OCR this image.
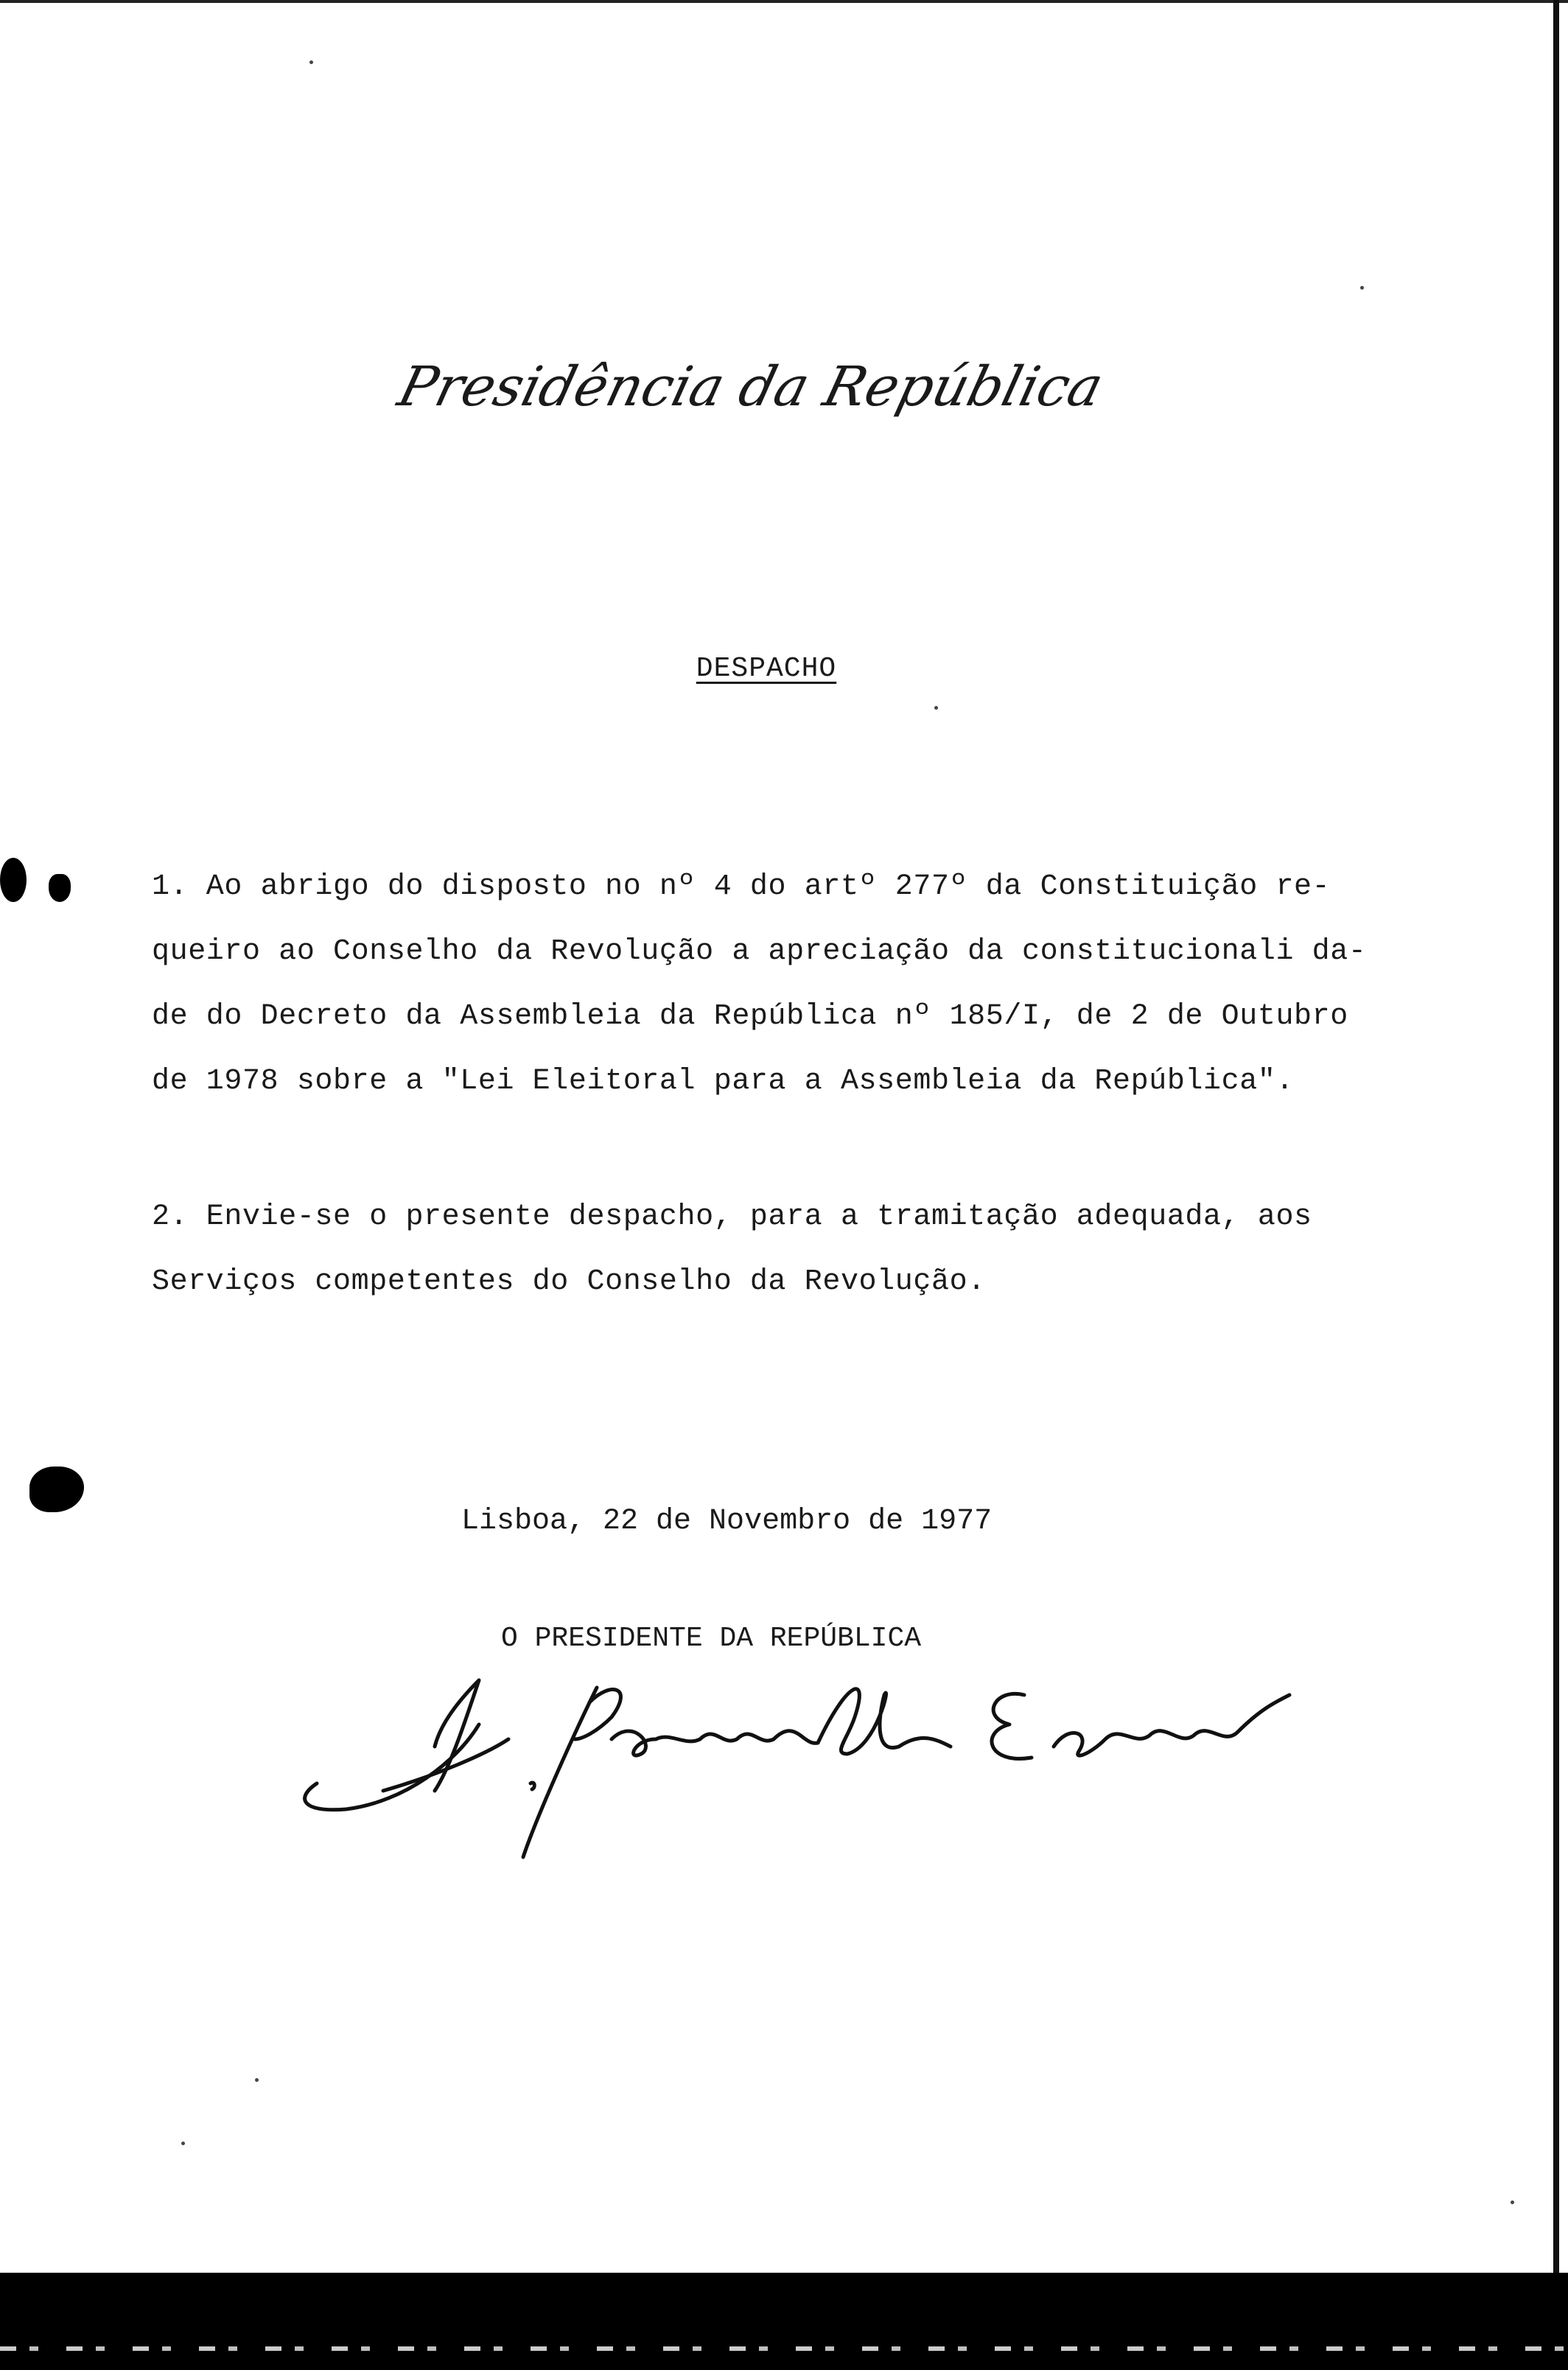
Presidência da República
DESPACHO

1. Ao abrigo do disposto no nº 4 do artº 277º da Constituição re-
queiro ao Conselho da Revolução a apreciação da constitucionali da-
de do Decreto da Assembleia da República nº 185/I, de 2 de Outubro
de 1978 sobre a "Lei Eleitoral para a Assembleia da República".

2. Envie-se o presente despacho, para a tramitação adequada, aos
Serviços competentes do Conselho da Revolução.

Lisboa, 22 de Novembro de 1977
O PRESIDENTE DA REPÚBLICA
